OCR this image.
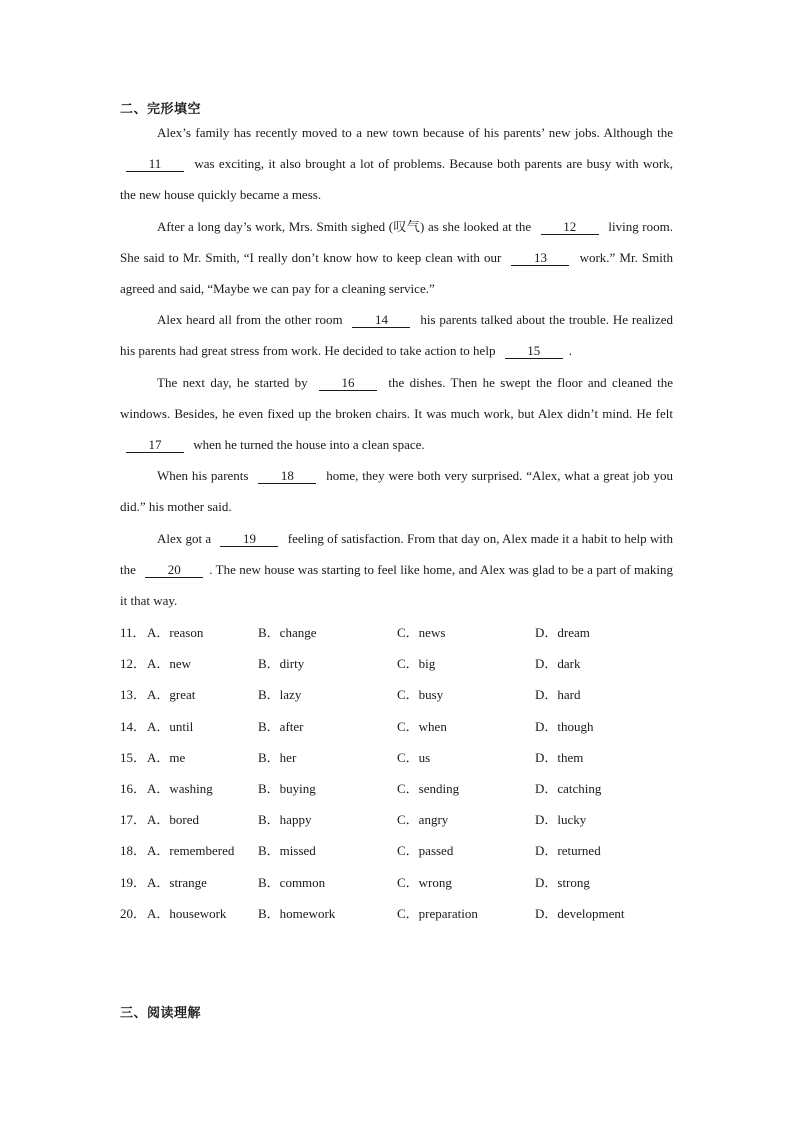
二、完形填空

Alex’s family has recently moved to a new town because of his parents’ new jobs. Although the 11 was exciting, it also brought a lot of problems. Because both parents are busy with work, the new house quickly became a mess.

After a long day’s work, Mrs. Smith sighed (叹气) as she looked at the 12 living room. She said to Mr. Smith, “I really don’t know how to keep clean with our 13 work.” Mr. Smith agreed and said, “Maybe we can pay for a cleaning service.”

Alex heard all from the other room 14 his parents talked about the trouble. He realized his parents had great stress from work. He decided to take action to help 15 .

The next day, he started by 16 the dishes. Then he swept the floor and cleaned the windows. Besides, he even fixed up the broken chairs. It was much work, but Alex didn’t mind. He felt 17 when he turned the house into a clean space.

When his parents 18 home, they were both very surprised. “Alex, what a great job you did.” his mother said.

Alex got a 19 feeling of satisfaction. From that day on, Alex made it a habit to help with the 20 . The new house was starting to feel like home, and Alex was glad to be a part of making it that way.

11． A．reason	B．change	C．news	D．dream
12． A．new	B．dirty	C．big	D．dark
13． A．great	B．lazy	C．busy	D．hard
14． A．until	B．after	C．when	D．though
15． A．me	B．her	C．us	D．them
16． A．washing	B．buying	C．sending	D．catching
17． A．bored	B．happy	C．angry	D．lucky
18． A．remembered B．missed	C．passed	D．returned
19． A．strange	B．common	C．wrong	D．strong
20． A．housework B．homework	C．preparation	D．development
三、阅读理解
